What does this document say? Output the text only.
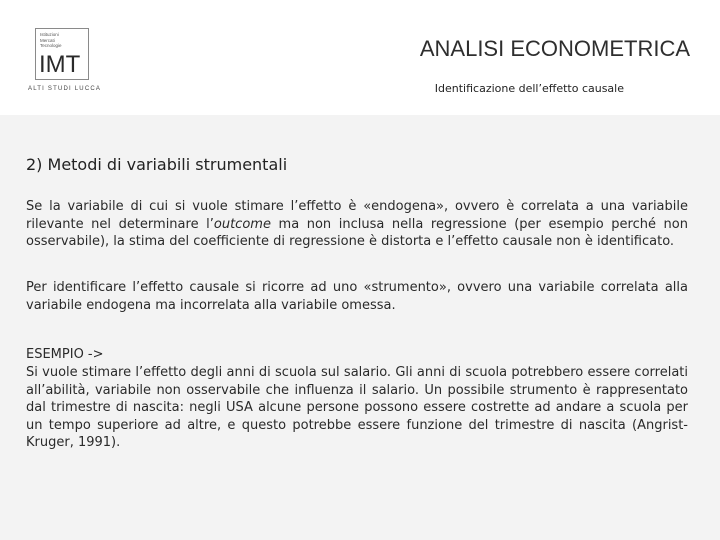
Istituzioni
Mercati
Tecnologie
IMT
ALTI STUDI LUCCA
ANALISI ECONOMETRICA
Identificazione dell’effetto causale
2) Metodi di variabili strumentali

Se la variabile di cui si vuole stimare l’effetto è «endogena», ovvero è correlata a una variabile rilevante nel determinare l’outcome ma non inclusa nella regressione (per esempio perché non osservabile), la stima del coefficiente di regressione è distorta e l’effetto causale non è identificato.

Per identificare l’effetto causale si ricorre ad uno «strumento», ovvero una variabile correlata alla variabile endogena ma incorrelata alla variabile omessa.

ESEMPIO ->

Si vuole stimare l’effetto degli anni di scuola sul salario. Gli anni di scuola potrebbero essere correlati all’abilità, variabile non osservabile che influenza il salario. Un possibile strumento è rappresentato dal trimestre di nascita: negli USA alcune persone possono essere costrette ad andare a scuola per un tempo superiore ad altre, e questo potrebbe essere funzione del trimestre di nascita (Angrist-Kruger, 1991).
